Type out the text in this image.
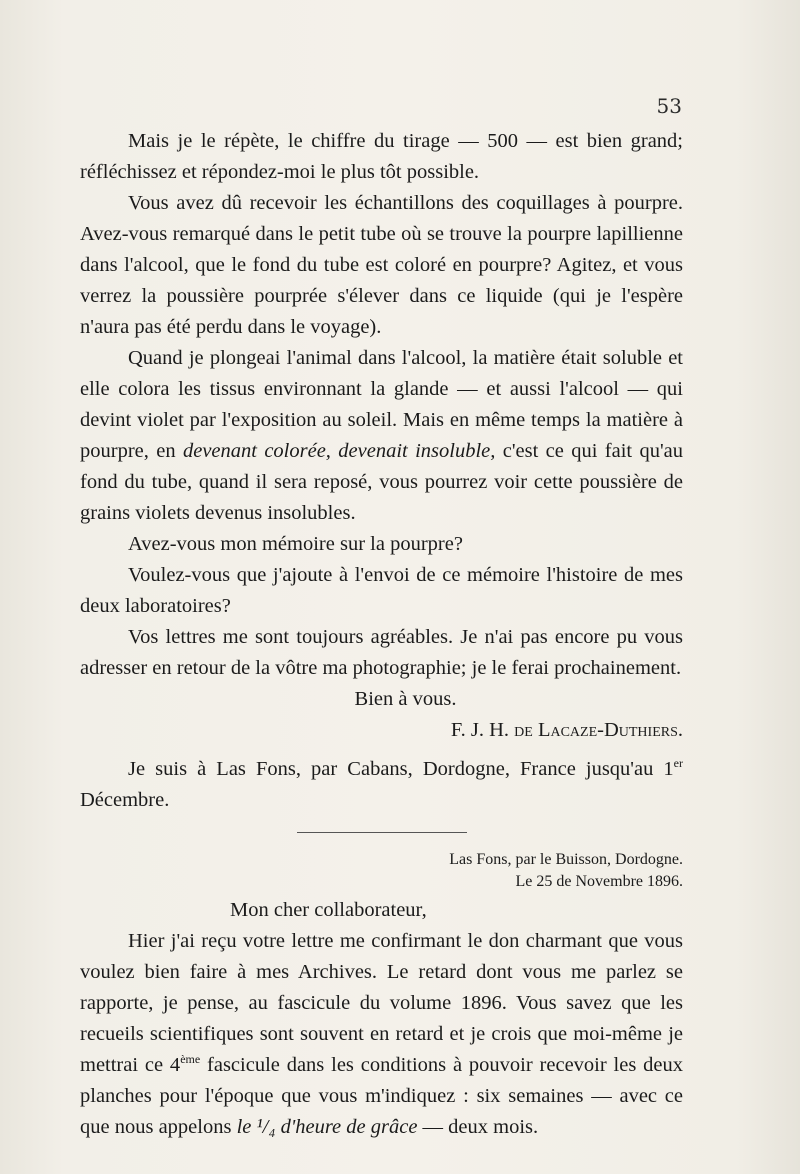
53

Mais je le répète, le chiffre du tirage — 500 — est bien grand; réfléchissez et répondez-moi le plus tôt possible.

Vous avez dû recevoir les échantillons des coquillages à pourpre. Avez-vous remarqué dans le petit tube où se trouve la pourpre lapillienne dans l'alcool, que le fond du tube est coloré en pourpre? Agitez, et vous verrez la poussière pourprée s'élever dans ce liquide (qui je l'espère n'aura pas été perdu dans le voyage).

Quand je plongeai l'animal dans l'alcool, la matière était soluble et elle colora les tissus environnant la glande — et aussi l'alcool — qui devint violet par l'exposition au soleil. Mais en même temps la matière à pourpre, en devenant colorée, devenait insoluble, c'est ce qui fait qu'au fond du tube, quand il sera reposé, vous pourrez voir cette poussière de grains violets devenus insolubles.

Avez-vous mon mémoire sur la pourpre?

Voulez-vous que j'ajoute à l'envoi de ce mémoire l'histoire de mes deux laboratoires?

Vos lettres me sont toujours agréables. Je n'ai pas encore pu vous adresser en retour de la vôtre ma photographie; je le ferai prochainement.

Bien à vous.

F. J. H. de Lacaze-Duthiers.

Je suis à Las Fons, par Cabans, Dordogne, France jusqu'au 1er Décembre.

Las Fons, par le Buisson, Dordogne.
Le 25 de Novembre 1896.

Mon cher collaborateur,

Hier j'ai reçu votre lettre me confirmant le don charmant que vous voulez bien faire à mes Archives. Le retard dont vous me parlez se rapporte, je pense, au fascicule du volume 1896. Vous savez que les recueils scientifiques sont souvent en retard et je crois que moi-même je mettrai ce 4ème fascicule dans les conditions à pouvoir recevoir les deux planches pour l'époque que vous m'indiquez : six semaines — avec ce que nous appelons le ¹/₄ d'heure de grâce — deux mois.
